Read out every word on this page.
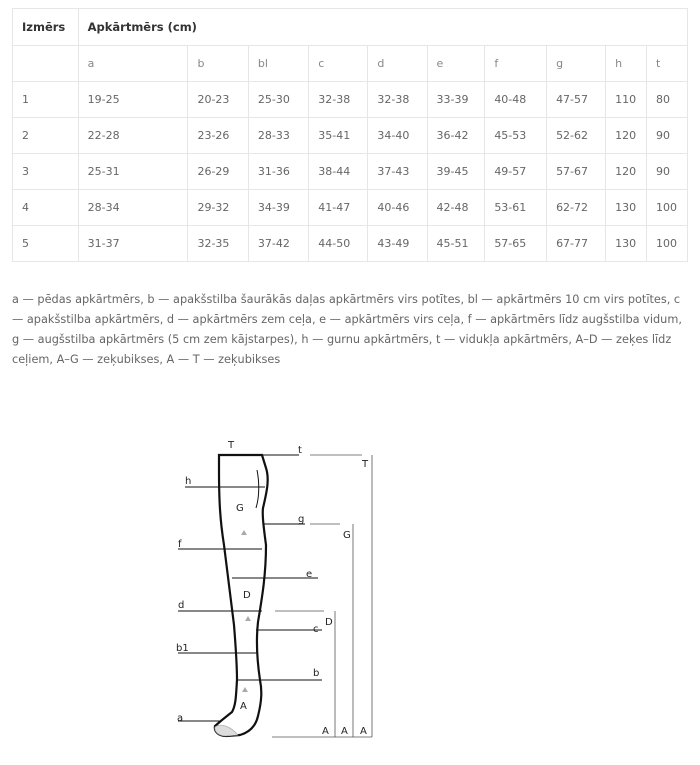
Izmērs	Apkārtmērs (cm)									
	a	b	bl	c	d	e	f	g	h	t
1	19-25	20-23	25-30	32-38	32-38	33-39	40-48	47-57	110	80
2	22-28	23-26	28-33	35-41	34-40	36-42	45-53	52-62	120	90
3	25-31	26-29	31-36	38-44	37-43	39-45	49-57	57-67	120	90
4	28-34	29-32	34-39	41-47	40-46	42-48	53-61	62-72	130	100
5	31-37	32-35	37-42	44-50	43-49	45-51	57-65	67-77	130	100
a — pēdas apkārtmērs, b — apakšstilba šaurākās daļas apkārtmērs virs potītes, bl — apkārtmērs 10 cm virs potītes, c — apakšstilba apkārtmērs, d — apkārtmērs zem ceļa, e — apkārtmērs virs ceļa, f — apkārtmērs līdz augšstilba vidum, g — augšstilba apkārtmērs (5 cm zem kājstarpes), h — gurnu apkārtmērs, t — vidukļa apkārtmērs, A–D — zeķes līdz ceļiem, A–G — zeķubikses, A — T — zeķubikses
T	t
T
h
G
g
G
f
e
D
d
D
c
b1
b
A
a
A A A
